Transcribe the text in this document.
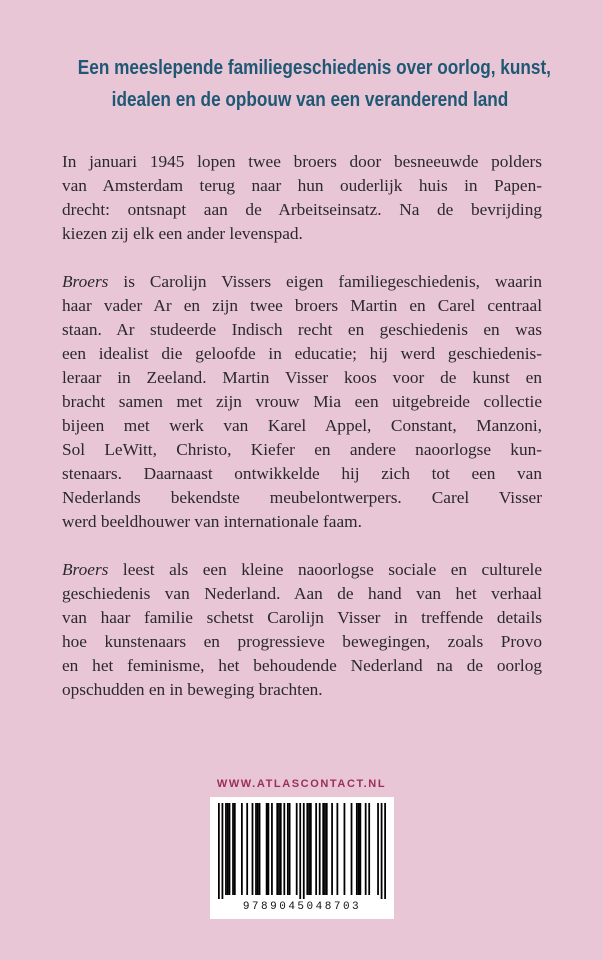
Een meeslepende familiegeschiedenis over oorlog, kunst,
idealen en de opbouw van een veranderend land
In januari 1945 lopen twee broers door besneeuwde polders
van Amsterdam terug naar hun ouderlijk huis in Papen-
drecht: ontsnapt aan de Arbeitseinsatz. Na de bevrijding
kiezen zij elk een ander levenspad.
Broers is Carolijn Vissers eigen familiegeschiedenis, waarin
haar vader Ar en zijn twee broers Martin en Carel centraal
staan. Ar studeerde Indisch recht en geschiedenis en was
een idealist die geloofde in educatie; hij werd geschiedenis-
leraar in Zeeland. Martin Visser koos voor de kunst en
bracht samen met zijn vrouw Mia een uitgebreide collectie
bijeen met werk van Karel Appel, Constant, Manzoni,
Sol LeWitt, Christo, Kiefer en andere naoorlogse kun-
stenaars. Daarnaast ontwikkelde hij zich tot een van
Nederlands bekendste meubelontwerpers. Carel Visser
werd beeldhouwer van internationale faam.
Broers leest als een kleine naoorlogse sociale en culturele
geschiedenis van Nederland. Aan de hand van het verhaal
van haar familie schetst Carolijn Visser in treffende details
hoe kunstenaars en progressieve bewegingen, zoals Provo
en het feminisme, het behoudende Nederland na de oorlog
opschudden en in beweging brachten.
WWW.ATLASCONTACT.NL
9789045048703
